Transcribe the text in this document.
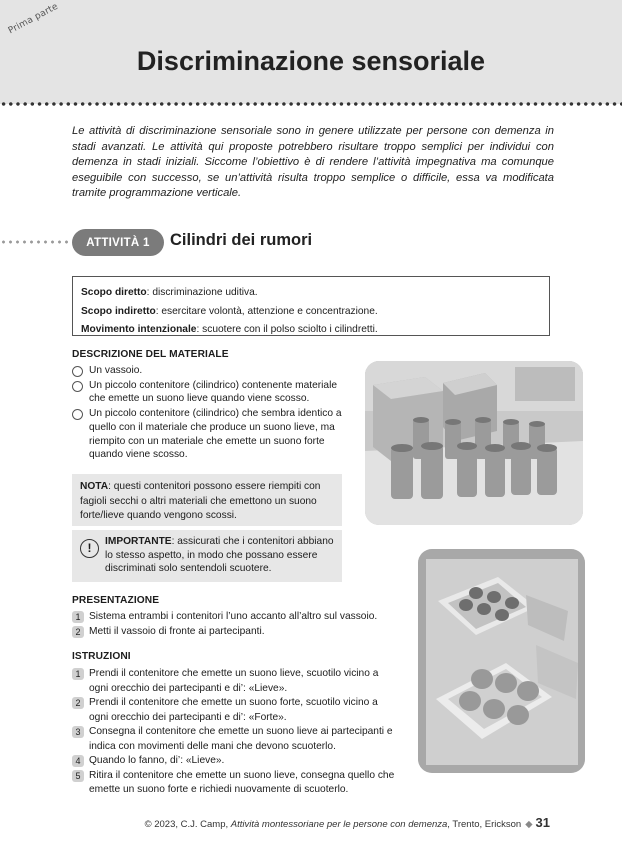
Prima parte
Discriminazione sensoriale
Le attività di discriminazione sensoriale sono in genere utilizzate per persone con demenza in stadi avanzati. Le attività qui proposte potrebbero risultare troppo semplici per individui con demenza in stadi iniziali. Siccome l’obiettivo è di rendere l’attività impegnativa ma comunque eseguibile con successo, se un’attività risulta troppo semplice o difficile, essa va modificata tramite programmazione verticale.
ATTIVITÀ 1	Cilindri dei rumori
Scopo diretto: discriminazione uditiva.
Scopo indiretto: esercitare volontà, attenzione e concentrazione.
Movimento intenzionale: scuotere con il polso sciolto i cilindretti.
DESCRIZIONE DEL MATERIALE
Un vassoio.
Un piccolo contenitore (cilindrico) contenente materiale che emette un suono lieve quando viene scosso.
Un piccolo contenitore (cilindrico) che sembra identico a quello con il materiale che produce un suono lieve, ma riempito con un materiale che emette un suono forte quando viene scosso.
NOTA: questi contenitori possono essere riempiti con fagioli secchi o altri materiali che emettono un suono forte/lieve quando vengono scossi.
!	IMPORTANTE: assicurati che i contenitori abbiano lo stesso aspetto, in modo che possano essere discriminati solo sentendoli scuotere.
PRESENTAZIONE
1 Sistema entrambi i contenitori l’uno accanto all’altro sul vassoio.
2 Metti il vassoio di fronte ai partecipanti.
ISTRUZIONI
1 Prendi il contenitore che emette un suono lieve, scuotilo vicino a ogni orecchio dei partecipanti e di’: «Lieve».
2 Prendi il contenitore che emette un suono forte, scuotilo vicino a ogni orecchio dei partecipanti e di’: «Forte».
3 Consegna il contenitore che emette un suono lieve ai partecipanti e indica con movimenti delle mani che devono scuoterlo.
4 Quando lo fanno, di’: «Lieve».
5 Ritira il contenitore che emette un suono lieve, consegna quello che emette un suono forte e richiedi nuovamente di scuoterlo.
© 2023, C.J. Camp, Attività montessoriane per le persone con demenza, Trento, Erickson ◆ 31
